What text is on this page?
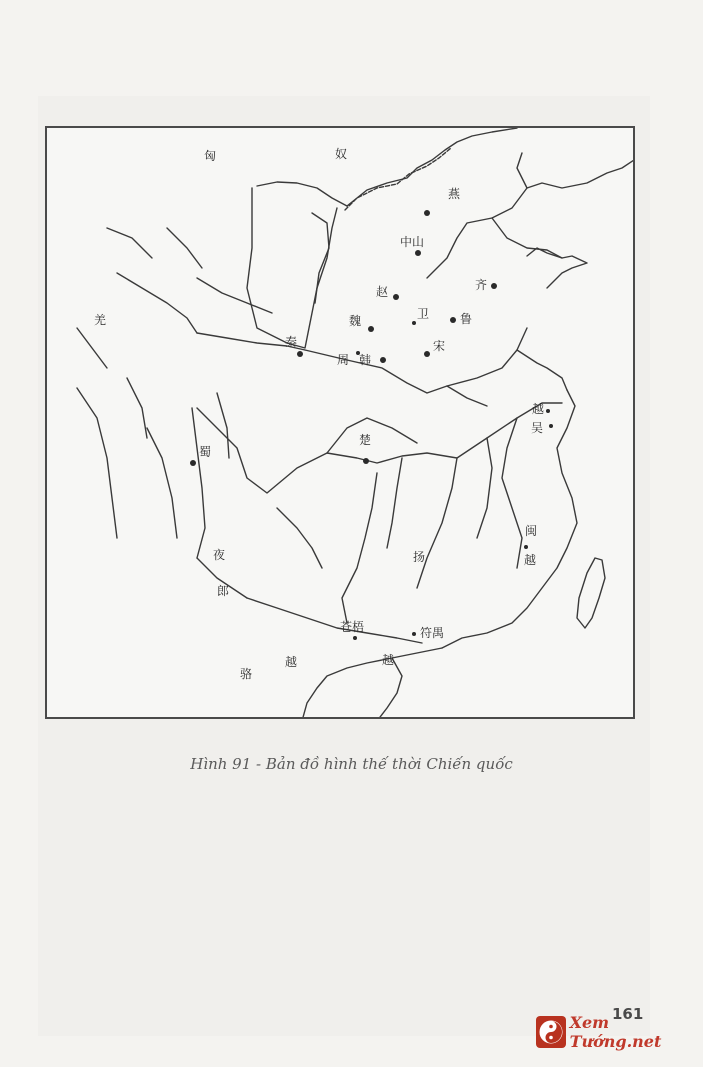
匈	奴
燕
中山
羌
赵	齐
魏	卫	鲁
秦	宋
周 韩
越
吴
蜀
楚
闽
越
夜
郎
扬
苍梧	符禺
骆
越	越
Hình 91 - Bản đồ hình thế thời Chiến quốc
161
Xem Tướng.net
